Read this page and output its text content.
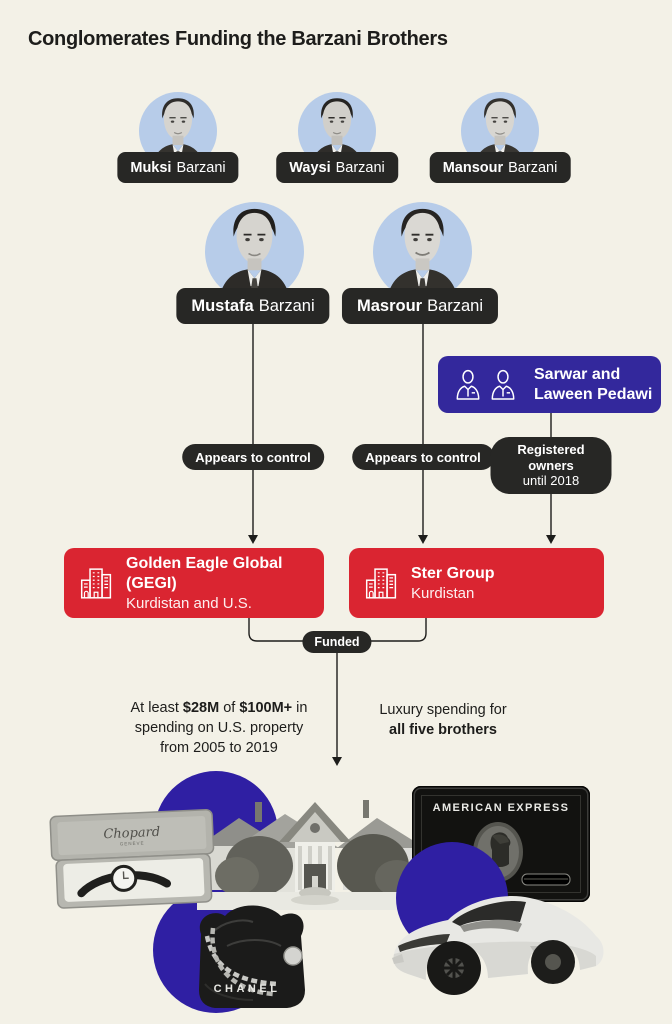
Conglomerates Funding the Barzani Brothers
Muksi Barzani	Waysi Barzani	Mansour Barzani
Mustafa Barzani	Masrour Barzani
Sarwar and
Laween Pedawi
Appears to control	Appears to control	Registered owners
until 2018
Golden Eagle Global (GEGI)
Kurdistan and U.S.
Ster Group
Kurdistan
Funded
At least $28M of $100M+ in
spending on U.S. property
from 2005 to 2019
Luxury spending for
all five brothers
Chopard
GENÈVE
AMERICAN EXPRESS
CHANEL
